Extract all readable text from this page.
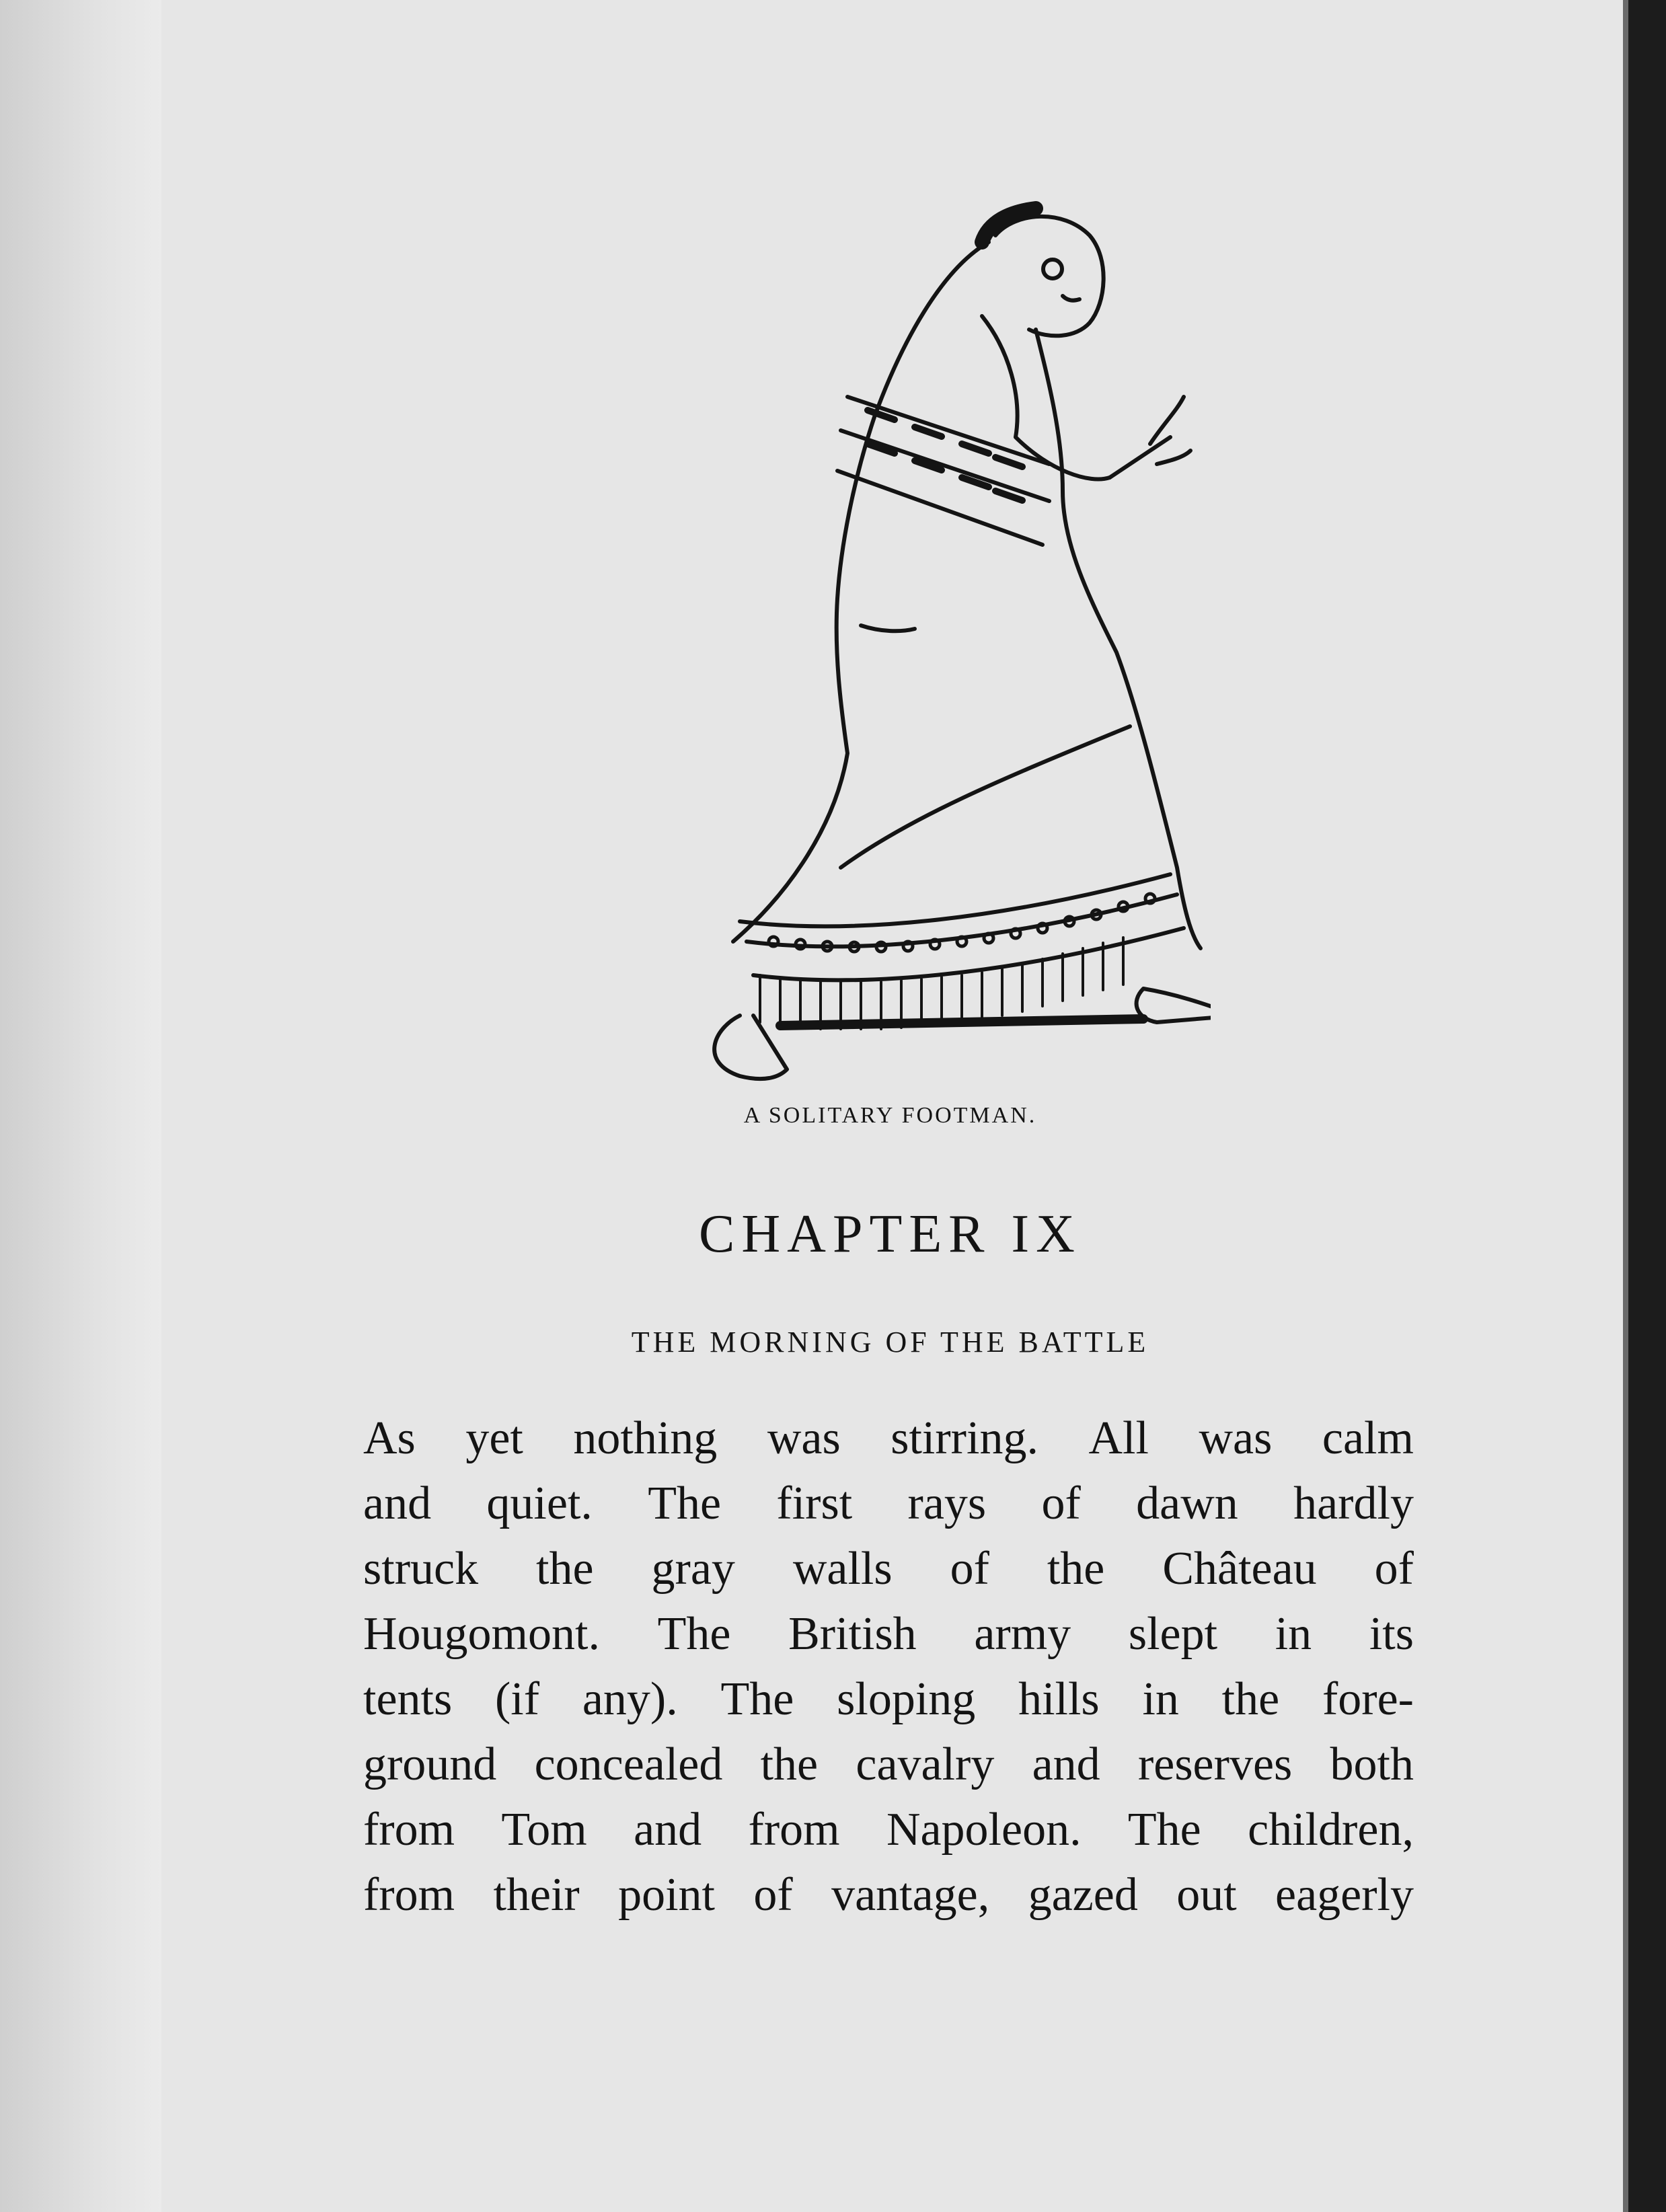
A SOLITARY FOOTMAN.
CHAPTER IX
THE MORNING OF THE BATTLE
As yet nothing was stirring. All was calm
and quiet. The first rays of dawn hardly
struck the gray walls of the Château of
Hougomont. The British army slept in its
tents (if any). The sloping hills in the fore-
ground concealed the cavalry and reserves both
from Tom and from Napoleon. The children,
from their point of vantage, gazed out eagerly
